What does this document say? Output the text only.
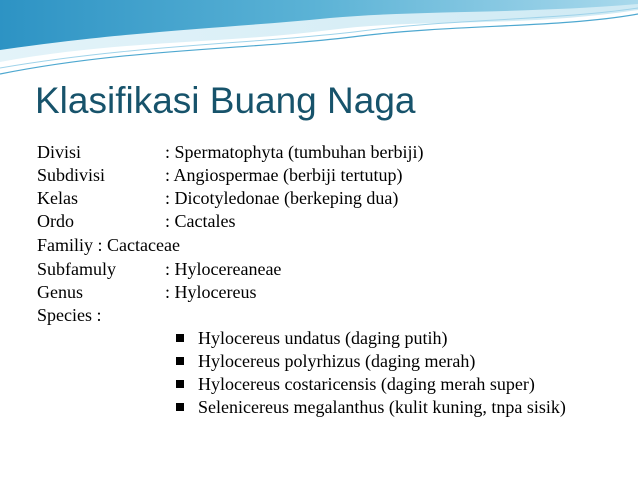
Klasifikasi Buang Naga
Divisi	: Spermatophyta (tumbuhan berbiji)
Subdivisi	: Angiospermae (berbiji tertutup)
Kelas	: Dicotyledonae (berkeping dua)
Ordo	: Cactales
Familiy : Cactaceae
Subfamuly	: Hylocereaneae
Genus	: Hylocereus
Species :
Hylocereus undatus (daging putih)
Hylocereus polyrhizus (daging merah)
Hylocereus costaricensis (daging merah super)
Selenicereus megalanthus (kulit kuning, tnpa sisik)
